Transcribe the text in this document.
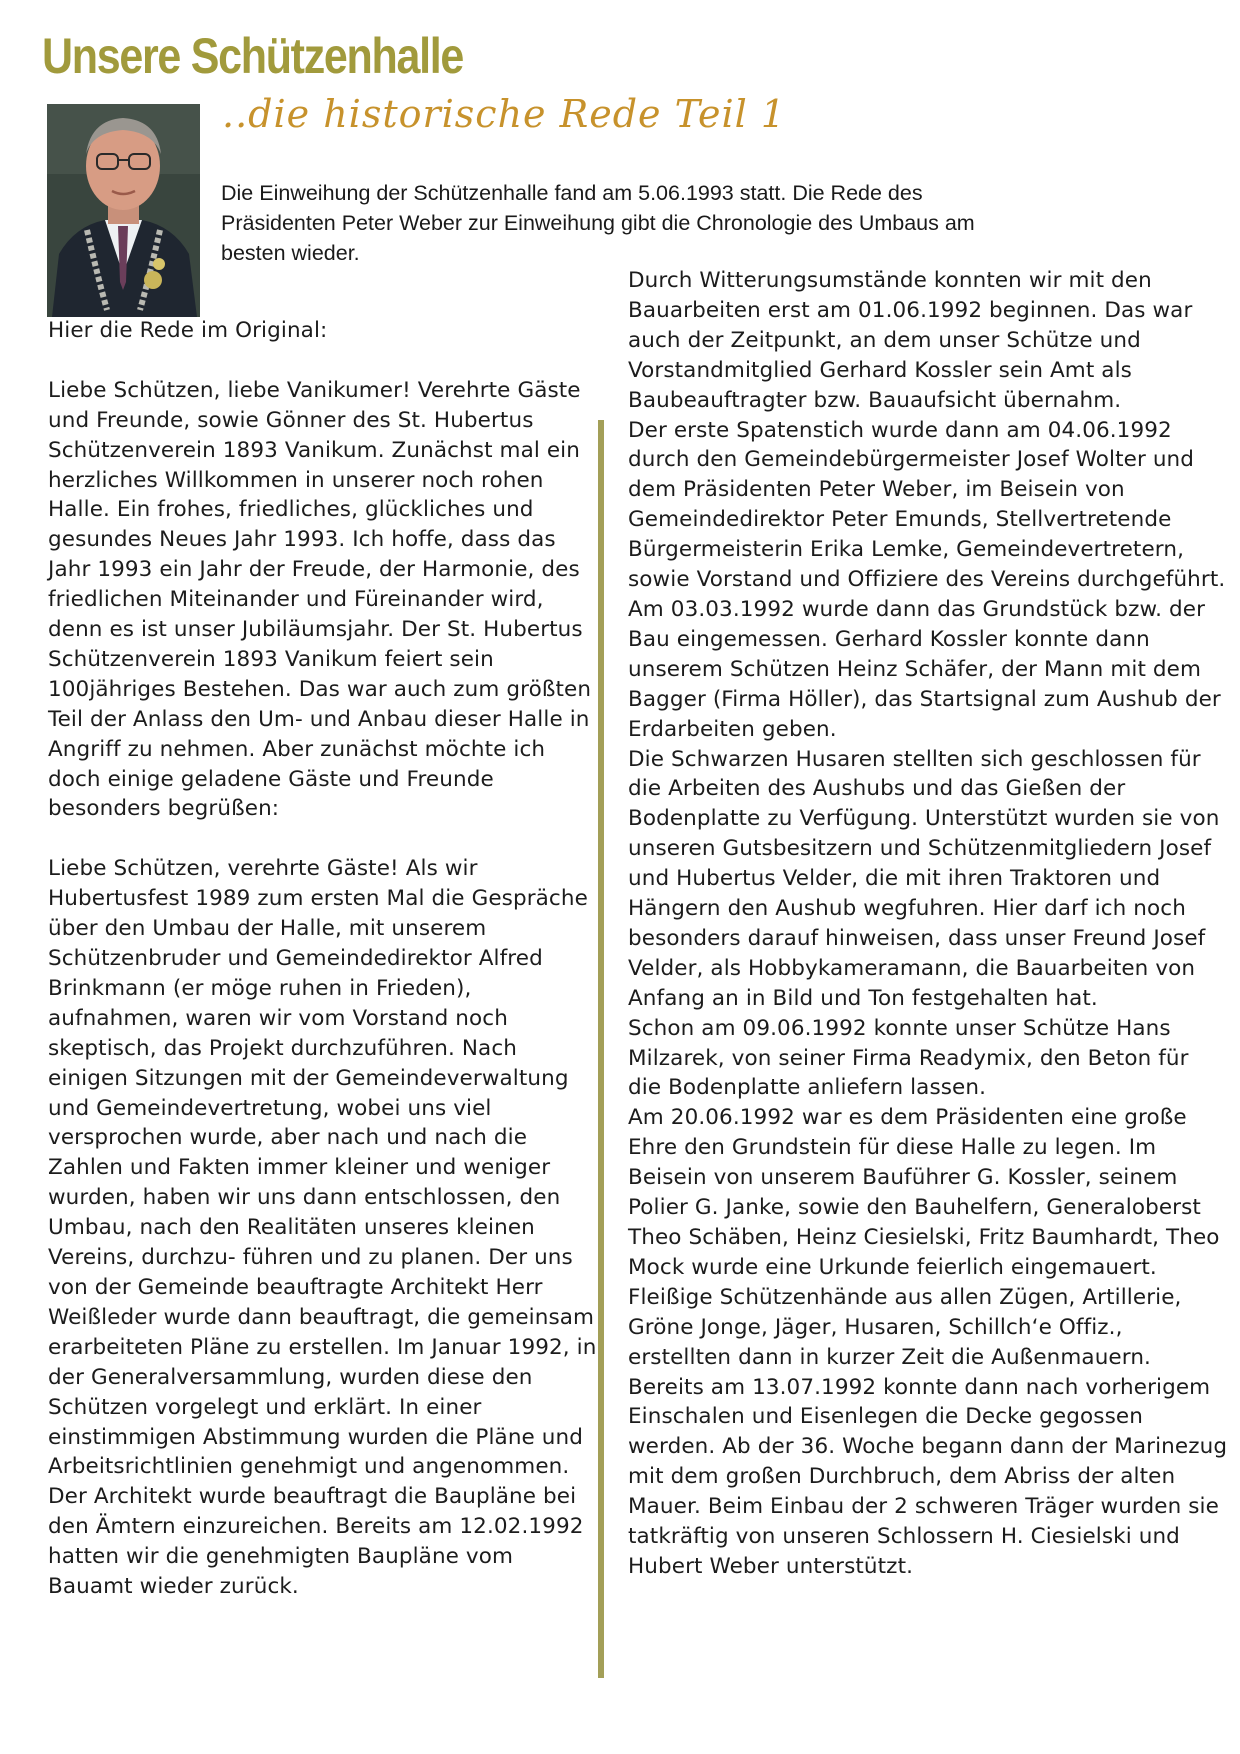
Unsere Schützenhalle
..die historische Rede Teil 1

Die Einweihung der Schützenhalle fand am 5.06.1993 statt. Die Rede des Präsidenten Peter Weber zur Einweihung gibt die Chronologie des Umbaus am besten wieder.

Hier die Rede im Original:

Liebe Schützen, liebe Vanikumer! Verehrte Gäste und Freunde, sowie Gönner des St. Hubertus Schützenverein 1893 Vanikum. Zunächst mal ein herzliches Willkommen in unserer noch rohen Halle. Ein frohes, friedliches, glückliches und gesundes Neues Jahr 1993. Ich hoffe, dass das Jahr 1993 ein Jahr der Freude, der Harmonie, des friedlichen Miteinander und Füreinander wird, denn es ist unser Jubiläumsjahr. Der St. Hubertus Schützenverein 1893 Vanikum feiert sein 100jähriges Bestehen. Das war auch zum größten Teil der Anlass den Um- und Anbau dieser Halle in Angriff zu nehmen. Aber zunächst möchte ich doch einige geladene Gäste und Freunde besonders begrüßen:

Liebe Schützen, verehrte Gäste! Als wir Hubertusfest 1989 zum ersten Mal die Gespräche über den Umbau der Halle, mit unserem Schützenbruder und Gemeindedirektor Alfred Brinkmann (er möge ruhen in Frieden), aufnahmen, waren wir vom Vorstand noch skeptisch, das Projekt durchzuführen. Nach einigen Sitzungen mit der Gemeindeverwaltung und Gemeindevertretung, wobei uns viel versprochen wurde, aber nach und nach die Zahlen und Fakten immer kleiner und weniger wurden, haben wir uns dann entschlossen, den Umbau, nach den Realitäten unseres kleinen Vereins, durchzu- führen und zu planen. Der uns von der Gemeinde beauftragte Architekt Herr Weißleder wurde dann beauftragt, die gemeinsam erarbeiteten Pläne zu erstellen. Im Januar 1992, in der Generalversammlung, wurden diese den Schützen vorgelegt und erklärt. In einer einstimmigen Abstimmung wurden die Pläne und Arbeitsrichtlinien genehmigt und angenommen. Der Architekt wurde beauftragt die Baupläne bei den Ämtern einzureichen. Bereits am 12.02.1992 hatten wir die genehmigten Baupläne vom Bauamt wieder zurück.

Durch Witterungsumstände konnten wir mit den Bauarbeiten erst am 01.06.1992 beginnen. Das war auch der Zeitpunkt, an dem unser Schütze und Vorstandmitglied Gerhard Kossler sein Amt als Baubeauftragter bzw. Bauaufsicht übernahm.

Der erste Spatenstich wurde dann am 04.06.1992 durch den Gemeindebürgermeister Josef Wolter und dem Präsidenten Peter Weber, im Beisein von Gemeindedirektor Peter Emunds, Stellvertretende Bürgermeisterin Erika Lemke, Gemeindevertretern, sowie Vorstand und Offiziere des Vereins durchgeführt.

Am 03.03.1992 wurde dann das Grundstück bzw. der Bau eingemessen. Gerhard Kossler konnte dann unserem Schützen Heinz Schäfer, der Mann mit dem Bagger (Firma Höller), das Startsignal zum Aushub der Erdarbeiten geben.

Die Schwarzen Husaren stellten sich geschlossen für die Arbeiten des Aushubs und das Gießen der Bodenplatte zu Verfügung. Unterstützt wurden sie von unseren Gutsbesitzern und Schützenmitgliedern Josef und Hubertus Velder, die mit ihren Traktoren und Hängern den Aushub wegfuhren. Hier darf ich noch besonders darauf hinweisen, dass unser Freund Josef Velder, als Hobbykameramann, die Bauarbeiten von Anfang an in Bild und Ton festgehalten hat.

Schon am 09.06.1992 konnte unser Schütze Hans Milzarek, von seiner Firma Readymix, den Beton für die Bodenplatte anliefern lassen.

Am 20.06.1992 war es dem Präsidenten eine große Ehre den Grundstein für diese Halle zu legen. Im Beisein von unserem Bauführer G. Kossler, seinem Polier G. Janke, sowie den Bauhelfern, Generaloberst Theo Schäben, Heinz Ciesielski, Fritz Baumhardt, Theo Mock wurde eine Urkunde feierlich eingemauert.

Fleißige Schützenhände aus allen Zügen, Artillerie, Gröne Jonge, Jäger, Husaren, Schillch‘e Offiz., erstellten dann in kurzer Zeit die Außenmauern. Bereits am 13.07.1992 konnte dann nach vorherigem Einschalen und Eisenlegen die Decke gegossen werden. Ab der 36. Woche begann dann der Marinezug mit dem großen Durchbruch, dem Abriss der alten Mauer. Beim Einbau der 2 schweren Träger wurden sie tatkräftig von unseren Schlossern H. Ciesielski und Hubert Weber unterstützt.
